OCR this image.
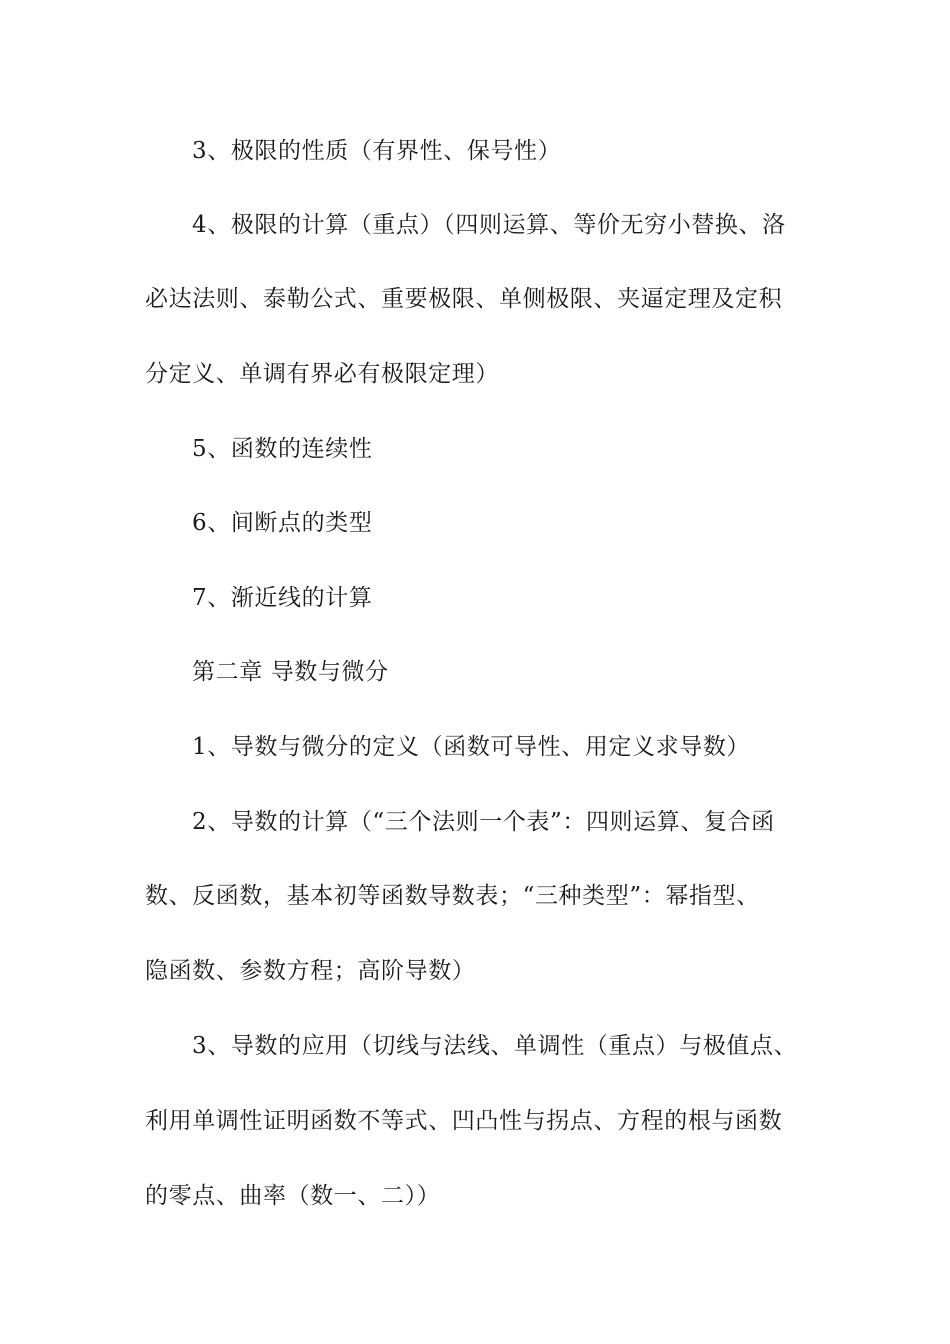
3、极限的性质（有界性、保号性）
4、极限的计算（重点）（四则运算、等价无穷小替换、洛
必达法则、泰勒公式、重要极限、单侧极限、夹逼定理及定积
分定义、单调有界必有极限定理）
5、函数的连续性
6、间断点的类型
7、渐近线的计算
第二章 导数与微分
1、导数与微分的定义（函数可导性、用定义求导数）
2、导数的计算（“三个法则一个表”：四则运算、复合函
数、反函数，基本初等函数导数表；“三种类型”：幂指型、
隐函数、参数方程；高阶导数）
3、导数的应用（切线与法线、单调性（重点）与极值点、
利用单调性证明函数不等式、凹凸性与拐点、方程的根与函数
的零点、曲率（数一、二））
